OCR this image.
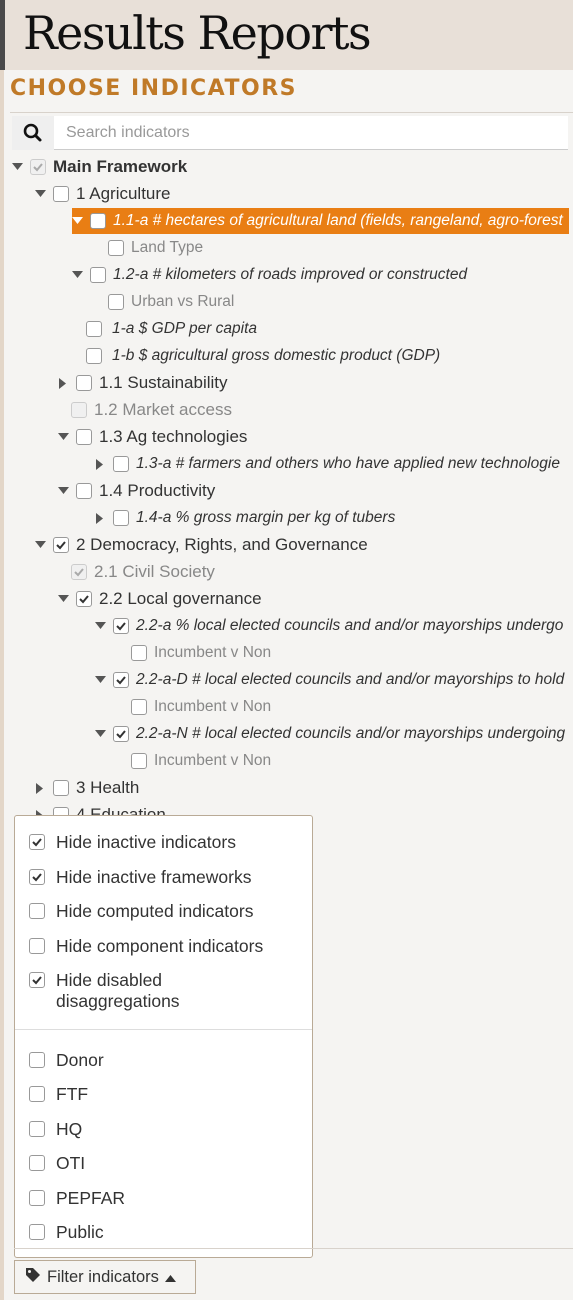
Results Reports
CHOOSE INDICATORS
Search indicators
Main Framework
1 Agriculture
1.1-a # hectares of agricultural land (fields, rangeland, agro-forest
Land Type
1.2-a # kilometers of roads improved or constructed
Urban vs Rural
1-a $ GDP per capita
1-b $ agricultural gross domestic product (GDP)
1.1 Sustainability
1.2 Market access
1.3 Ag technologies
1.3-a # farmers and others who have applied new technologie
1.4 Productivity
1.4-a % gross margin per kg of tubers
2 Democracy, Rights, and Governance
2.1 Civil Society
2.2 Local governance
2.2-a % local elected councils and and/or mayorships undergo
Incumbent v Non
2.2-a-D # local elected councils and and/or mayorships to hold
Incumbent v Non
2.2-a-N # local elected councils and/or mayorships undergoing
Incumbent v Non
3 Health
Hide inactive indicators
Hide inactive frameworks
Hide computed indicators
Hide component indicators
Hide disabled disaggregations
Donor
FTF
HQ
OTI
PEPFAR
Public
Filter indicators
